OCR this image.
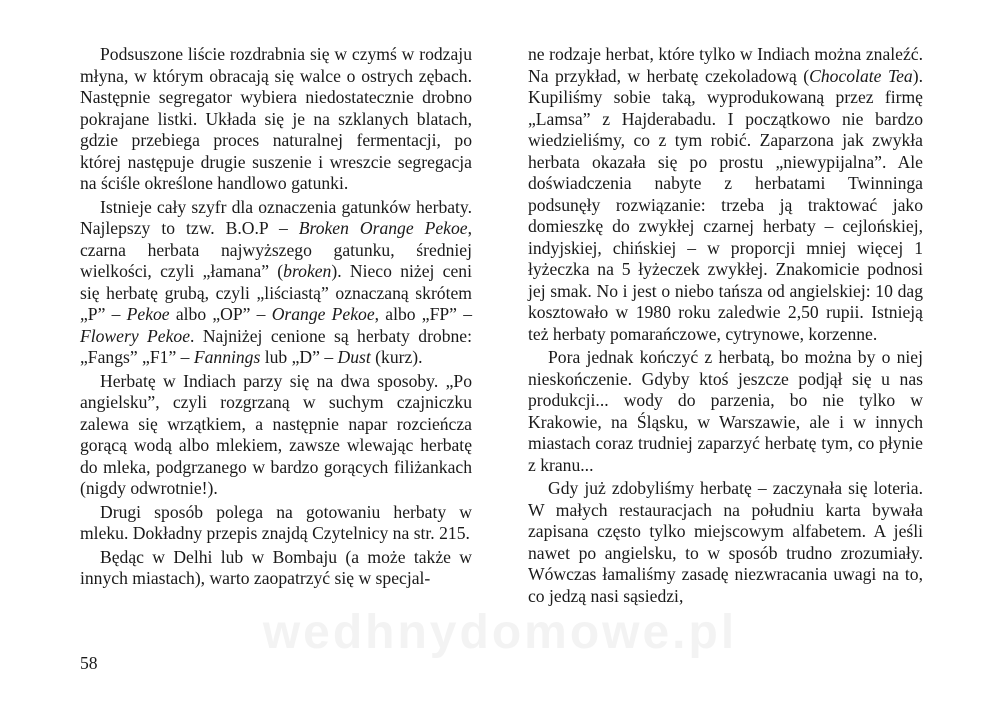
Podsuszone liście rozdrabnia się w czymś w rodzaju młyna, w którym obracają się walce o ostrych zębach. Następnie segregator wybiera niedostatecznie drobno pokrajane listki. Układa się je na szklanych blatach, gdzie przebiega proces naturalnej fermentacji, po której następuje drugie suszenie i wreszcie segregacja na ściśle określone handlowo gatunki.

Istnieje cały szyfr dla oznaczenia gatunków herbaty. Najlepszy to tzw. B.O.P – Broken Orange Pekoe, czarna herbata najwyższego gatunku, średniej wielkości, czyli „łamana” (broken). Nieco niżej ceni się herbatę grubą, czyli „liściastą” oznaczaną skrótem „P” – Pekoe albo „OP” – Orange Pekoe, albo „FP” – Flowery Pekoe. Najniżej cenione są herbaty drobne: „Fangs” „F1” – Fannings lub „D” – Dust (kurz).

Herbatę w Indiach parzy się na dwa sposoby. „Po angielsku”, czyli rozgrzaną w suchym czajniczku zalewa się wrzątkiem, a następnie napar rozcieńcza gorącą wodą albo mlekiem, zawsze wlewając herbatę do mleka, podgrzanego w bardzo gorących filiżankach (nigdy odwrotnie!).

Drugi sposób polega na gotowaniu herbaty w mleku. Dokładny przepis znajdą Czytelnicy na str. 215.

Będąc w Delhi lub w Bombaju (a może także w innych miastach), warto zaopatrzyć się w specjal-

ne rodzaje herbat, które tylko w Indiach można znaleźć. Na przykład, w herbatę czekoladową (Chocolate Tea). Kupiliśmy sobie taką, wyprodukowaną przez firmę „Lamsa” z Hajderabadu. I początkowo nie bardzo wiedzieliśmy, co z tym robić. Zaparzona jak zwykła herbata okazała się po prostu „niewypijalna”. Ale doświadczenia nabyte z herbatami Twinninga podsunęły rozwiązanie: trzeba ją traktować jako domieszkę do zwykłej czarnej herbaty – cejlońskiej, indyjskiej, chińskiej – w proporcji mniej więcej 1 łyżeczka na 5 łyżeczek zwykłej. Znakomicie podnosi jej smak. No i jest o niebo tańsza od angielskiej: 10 dag kosztowało w 1980 roku zaledwie 2,50 rupii. Istnieją też herbaty pomarańczowe, cytrynowe, korzenne.

Pora jednak kończyć z herbatą, bo można by o niej nieskończenie. Gdyby ktoś jeszcze podjął się u nas produkcji... wody do parzenia, bo nie tylko w Krakowie, na Śląsku, w Warszawie, ale i w innych miastach coraz trudniej zaparzyć herbatę tym, co płynie z kranu...

Gdy już zdobyliśmy herbatę – zaczynała się loteria. W małych restauracjach na południu karta bywała zapisana często tylko miejscowym alfabetem. A jeśli nawet po angielsku, to w sposób trudno zrozumiały. Wówczas łamaliśmy zasadę niezwracania uwagi na to, co jedzą nasi sąsiedzi,

wedhnydomowe.pl
58
